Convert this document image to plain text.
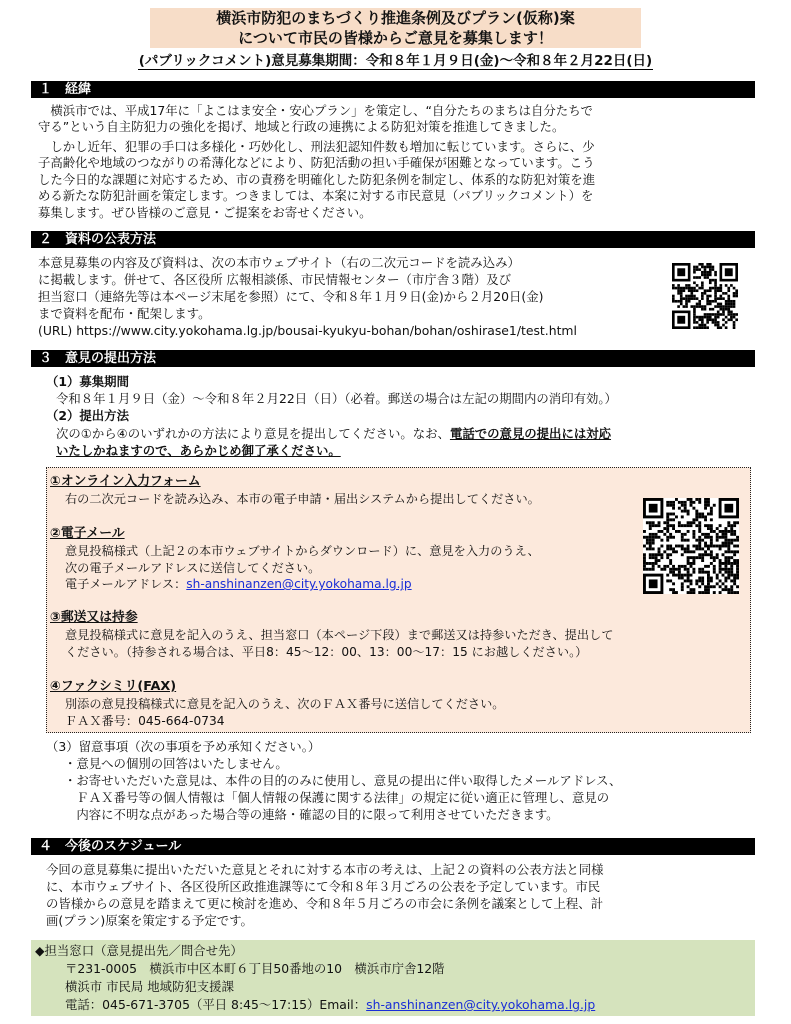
横浜市防犯のまちづくり推進条例及びプラン(仮称)案
について市民の皆様からご意見を募集します！
(パブリックコメント)意見募集期間：令和８年１月９日(金)～令和８年２月22日(日)
１　経緯
横浜市では、平成17年に「よこはま安全・安心プラン」を策定し、“自分たちのまちは自分たちで
守る”という自主防犯力の強化を掲げ、地域と行政の連携による防犯対策を推進してきました。
しかし近年、犯罪の手口は多様化・巧妙化し、刑法犯認知件数も増加に転じています。さらに、少
子高齢化や地域のつながりの希薄化などにより、防犯活動の担い手確保が困難となっています。こう
した今日的な課題に対応するため、市の責務を明確化した防犯条例を制定し、体系的な防犯対策を進
める新たな防犯計画を策定します。つきましては、本案に対する市民意見（パブリックコメント）を
募集します。ぜひ皆様のご意見・ご提案をお寄せください。
２　資料の公表方法
本意見募集の内容及び資料は、次の本市ウェブサイト（右の二次元コードを読み込み）
に掲載します。併せて、各区役所 広報相談係、市民情報センター（市庁舎３階）及び
担当窓口（連絡先等は本ページ末尾を参照）にて、令和８年１月９日(金)から２月20日(金)
まで資料を配布・配架します。
(URL) https://www.city.yokohama.lg.jp/bousai-kyukyu-bohan/bohan/oshirase1/test.html
３　意見の提出方法
（1）募集期間
令和８年１月９日（金）～令和８年２月22日（日）（必着。郵送の場合は左記の期間内の消印有効。）
（2）提出方法
次の①から④のいずれかの方法により意見を提出してください。なお、電話での意見の提出には対応
いたしかねますので、あらかじめ御了承ください。
①オンライン入力フォーム
右の二次元コードを読み込み、本市の電子申請・届出システムから提出してください。
②電子メール
意見投稿様式（上記２の本市ウェブサイトからダウンロード）に、意見を入力のうえ、
次の電子メールアドレスに送信してください。
電子メールアドレス：sh-anshinanzen@city.yokohama.lg.jp
③郵送又は持参
意見投稿様式に意見を記入のうえ、担当窓口（本ページ下段）まで郵送又は持参いただき、提出して
ください。（持参される場合は、平日8：45～12：00、13：00～17：15 にお越しください。）
④ファクシミリ(FAX)
別添の意見投稿様式に意見を記入のうえ、次のＦＡＸ番号に送信してください。
ＦＡＸ番号：045-664-0734
（3）留意事項（次の事項を予め承知ください。）
・意見への個別の回答はいたしません。
・お寄せいただいた意見は、本件の目的のみに使用し、意見の提出に伴い取得したメールアドレス、
　ＦＡＸ番号等の個人情報は「個人情報の保護に関する法律」の規定に従い適正に管理し、意見の
　内容に不明な点があった場合等の連絡・確認の目的に限って利用させていただきます。
４　今後のスケジュール
今回の意見募集に提出いただいた意見とそれに対する本市の考えは、上記２の資料の公表方法と同様
に、本市ウェブサイト、各区役所区政推進課等にて令和８年３月ごろの公表を予定しています。市民
の皆様からの意見を踏まえて更に検討を進め、令和８年５月ごろの市会に条例を議案として上程、計
画(プラン)原案を策定する予定です。
◆担当窓口（意見提出先／問合せ先）
〒231-0005　横浜市中区本町６丁目50番地の10　横浜市庁舎12階
横浜市 市民局 地域防犯支援課
電話：045-671-3705（平日 8:45～17:15）Email：sh-anshinanzen@city.yokohama.lg.jp
